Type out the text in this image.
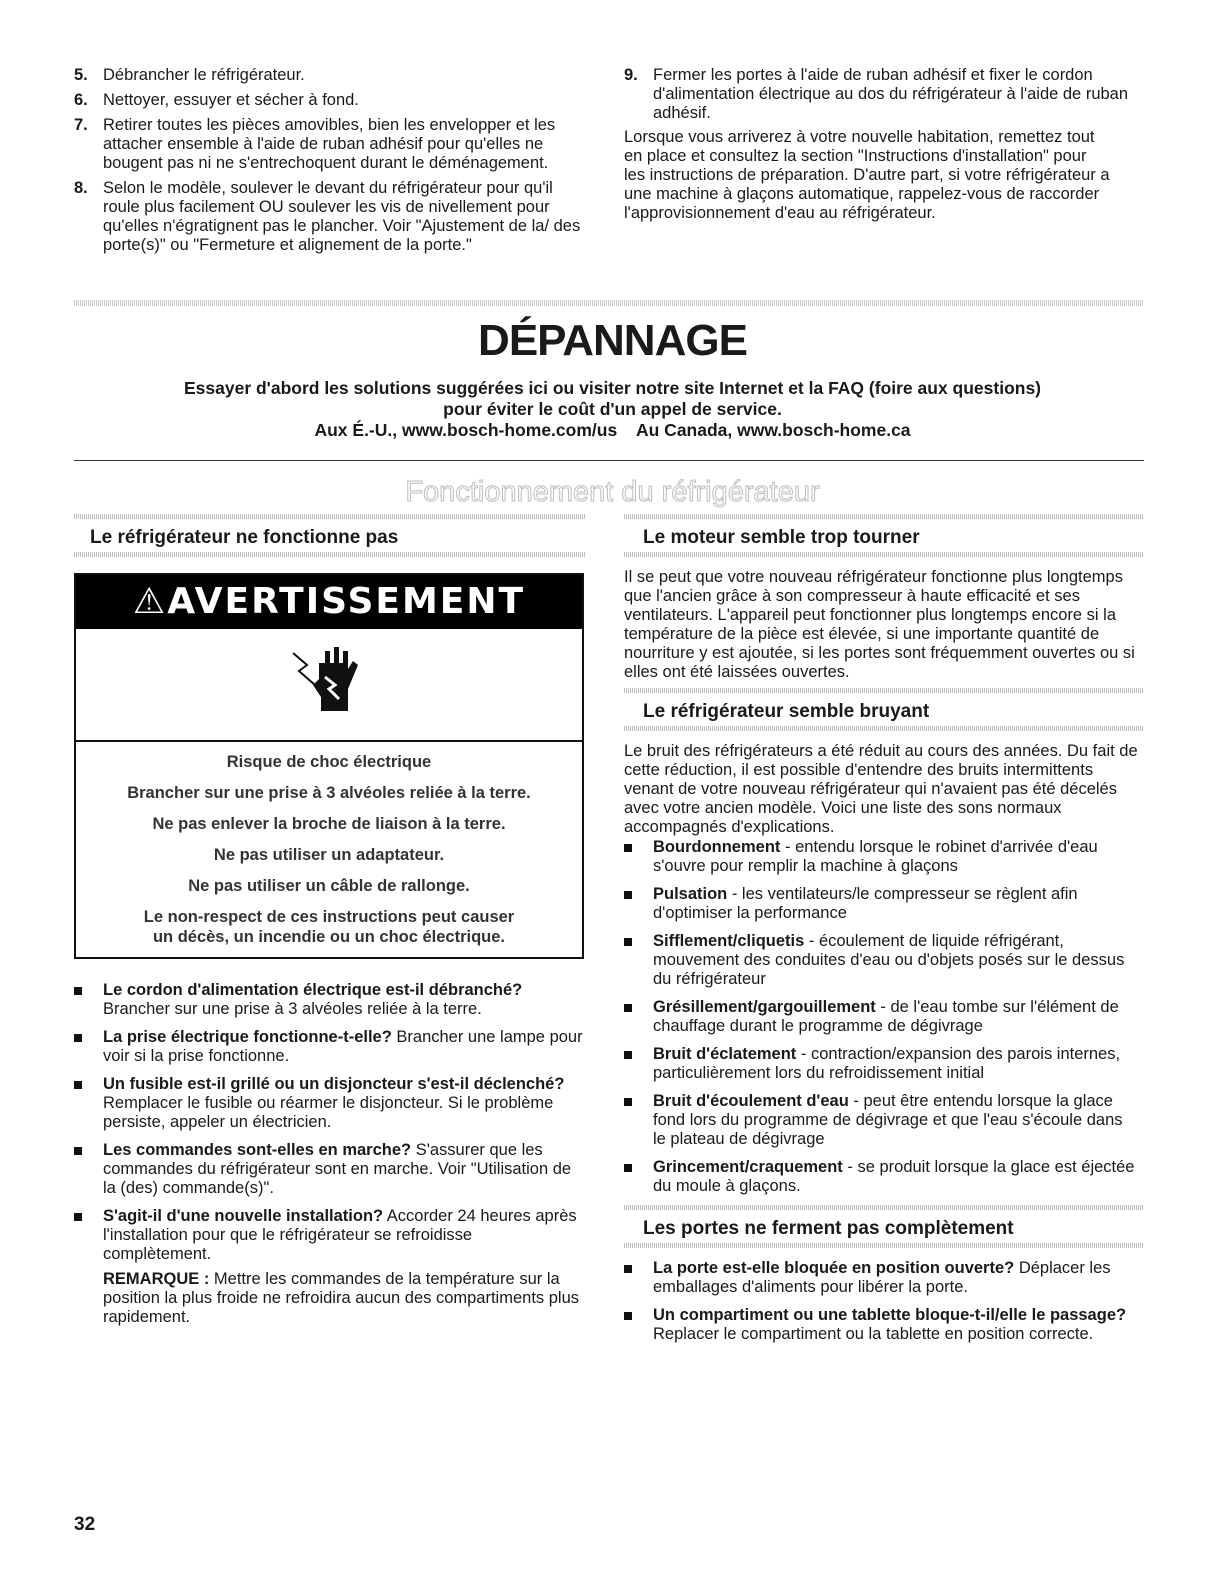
5. Débrancher le réfrigérateur.
6. Nettoyer, essuyer et sécher à fond.
7. Retirer toutes les pièces amovibles, bien les envelopper et les attacher ensemble à l'aide de ruban adhésif pour qu'elles ne bougent pas ni ne s'entrechoquent durant le déménagement.
8. Selon le modèle, soulever le devant du réfrigérateur pour qu'il roule plus facilement OU soulever les vis de nivellement pour qu'elles n'égratignent pas le plancher. Voir "Ajustement de la/ des porte(s)" ou "Fermeture et alignement de la porte."
9. Fermer les portes à l'aide de ruban adhésif et fixer le cordon d'alimentation électrique au dos du réfrigérateur à l'aide de ruban adhésif.

Lorsque vous arriverez à votre nouvelle habitation, remettez tout en place et consultez la section "Instructions d'installation" pour les instructions de préparation. D'autre part, si votre réfrigérateur a une machine à glaçons automatique, rappelez-vous de raccorder l'approvisionnement d'eau au réfrigérateur.

DÉPANNAGE
Essayer d'abord les solutions suggérées ici ou visiter notre site Internet et la FAQ (foire aux questions)
pour éviter le coût d'un appel de service.
Aux É.-U., www.bosch-home.com/us    Au Canada, www.bosch-home.ca
Fonctionnement du réfrigérateur
Le réfrigérateur ne fonctionne pas
⚠AVERTISSEMENT
Risque de choc électrique
Brancher sur une prise à 3 alvéoles reliée à la terre.
Ne pas enlever la broche de liaison à la terre.
Ne pas utiliser un adaptateur.
Ne pas utiliser un câble de rallonge.
Le non-respect de ces instructions peut causer
un décès, un incendie ou un choc électrique.
Le cordon d'alimentation électrique est-il débranché? Brancher sur une prise à 3 alvéoles reliée à la terre.
La prise électrique fonctionne-t-elle? Brancher une lampe pour voir si la prise fonctionne.
Un fusible est-il grillé ou un disjoncteur s'est-il déclenché? Remplacer le fusible ou réarmer le disjoncteur. Si le problème persiste, appeler un électricien.
Les commandes sont-elles en marche? S'assurer que les commandes du réfrigérateur sont en marche. Voir "Utilisation de la (des) commande(s)".
S'agit-il d'une nouvelle installation? Accorder 24 heures après l'installation pour que le réfrigérateur se refroidisse complètement.

REMARQUE : Mettre les commandes de la température sur la position la plus froide ne refroidira aucun des compartiments plus rapidement.

Le moteur semble trop tourner

Il se peut que votre nouveau réfrigérateur fonctionne plus longtemps que l'ancien grâce à son compresseur à haute efficacité et ses ventilateurs. L'appareil peut fonctionner plus longtemps encore si la température de la pièce est élevée, si une importante quantité de nourriture y est ajoutée, si les portes sont fréquemment ouvertes ou si elles ont été laissées ouvertes.

Le réfrigérateur semble bruyant

Le bruit des réfrigérateurs a été réduit au cours des années. Du fait de cette réduction, il est possible d'entendre des bruits intermittents venant de votre nouveau réfrigérateur qui n'avaient pas été décelés avec votre ancien modèle. Voici une liste des sons normaux accompagnés d'explications.

Bourdonnement - entendu lorsque le robinet d'arrivée d'eau s'ouvre pour remplir la machine à glaçons
Pulsation - les ventilateurs/le compresseur se règlent afin d'optimiser la performance
Sifflement/cliquetis - écoulement de liquide réfrigérant, mouvement des conduites d'eau ou d'objets posés sur le dessus du réfrigérateur
Grésillement/gargouillement - de l'eau tombe sur l'élément de chauffage durant le programme de dégivrage
Bruit d'éclatement - contraction/expansion des parois internes, particulièrement lors du refroidissement initial
Bruit d'écoulement d'eau - peut être entendu lorsque la glace fond lors du programme de dégivrage et que l'eau s'écoule dans le plateau de dégivrage
Grincement/craquement - se produit lorsque la glace est éjectée du moule à glaçons.
Les portes ne ferment pas complètement
La porte est-elle bloquée en position ouverte? Déplacer les emballages d'aliments pour libérer la porte.
Un compartiment ou une tablette bloque-t-il/elle le passage? Replacer le compartiment ou la tablette en position correcte.
32
